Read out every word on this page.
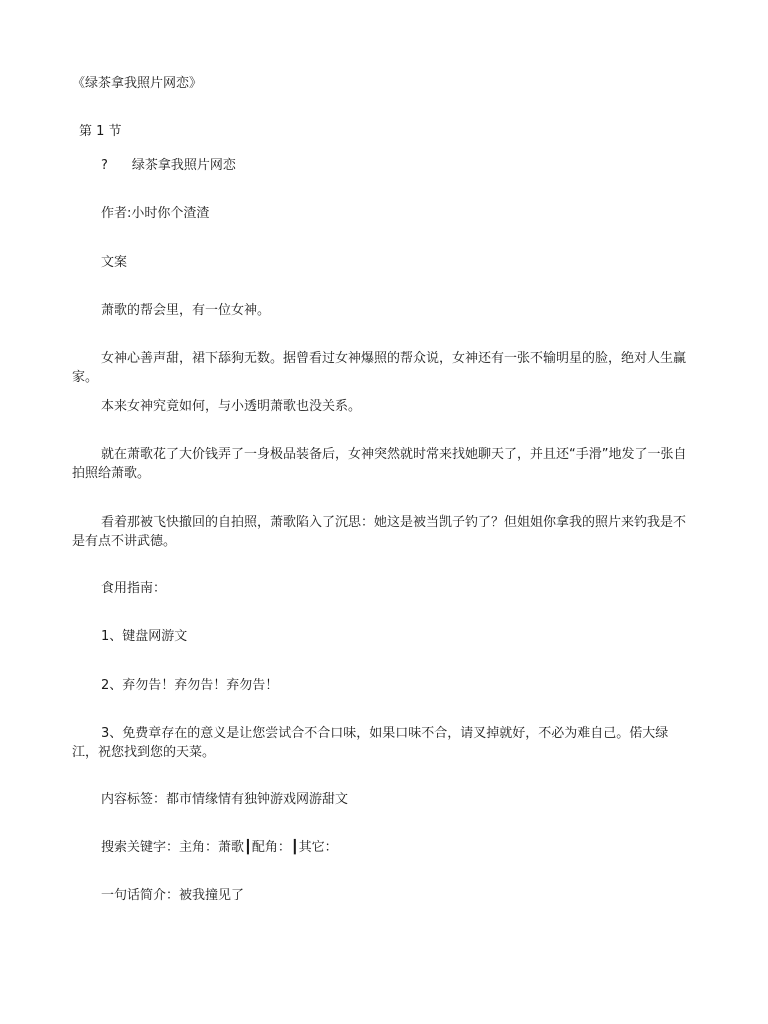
《绿茶拿我照片网恋》
第 1 节
? 绿茶拿我照片网恋
作者:小时你个渣渣
文案
萧歌的帮会里，有一位女神。
女神心善声甜，裙下舔狗无数。据曾看过女神爆照的帮众说，女神还有一张不输明星的脸，绝对人生赢家。
本来女神究竟如何，与小透明萧歌也没关系。
就在萧歌花了大价钱弄了一身极品装备后，女神突然就时常来找她聊天了，并且还“手滑”地发了一张自拍照给萧歌。
看着那被飞快撤回的自拍照，萧歌陷入了沉思：她这是被当凯子钓了？但姐姐你拿我的照片来钓我是不是有点不讲武德。
食用指南：
1、键盘网游文
2、弃勿告！弃勿告！弃勿告！
3、免费章存在的意义是让您尝试合不合口味，如果口味不合，请叉掉就好，不必为难自己。偌大绿江，祝您找到您的天菜。
内容标签：都市情缘情有独钟游戏网游甜文
搜索关键字：主角：萧歌┃配角：┃其它：
一句话简介：被我撞见了
